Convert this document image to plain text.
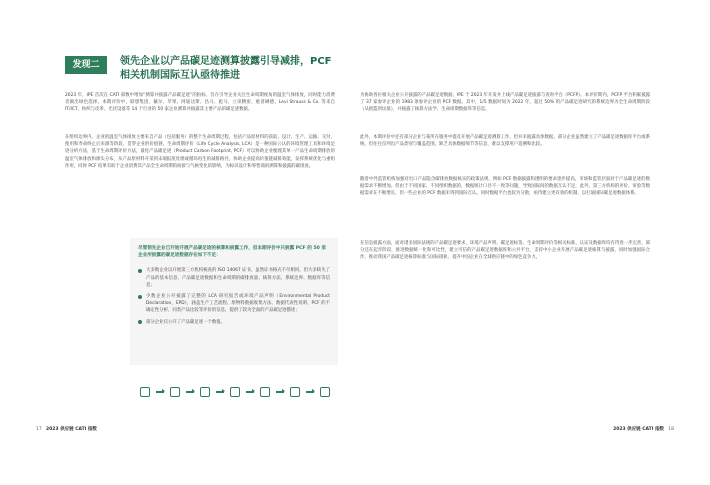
发现二	领先企业以产品碳足迹测算披露引导减排，PCF相关机制国际互认亟待推进
2023 年，IPE 首次在 CATI 部数中增加“测算并披露产品碳足迹”的指标，旨在引导企业关注生命周期视角的温室气体排放，同时能力消费者做出绿色选择。本期评价中，联想集团、戴尔、苹果、阿迪达斯、昌马、彪马、立讯精密、惠普硒德、Levi Strauss & Co. 等来自 IT/ICT、纺织与皮革、光伏设备等 14 个行业的 50 家企业测算并披露其主要产品的碳足迹数据。
在组织边界内，企业的温室气体排放主要来自产品（包括服务）的整个生命周期过程，包括产品原材料的获取、设计、生产、运输、交付、使用和寿命终止后来源等阶段，贯穿企业的价值链。生命周期评价（Life Cycle Analysis, LCA）是一种国际公认的环境管理工具和环境足迹分析方法，基于生命周期评价方法，量化产品碳足迹（Product Carbon Footprint, PCF）可以协助企业梳理其单一产品生命周期排放的温室气体排放和源头分布，从产品原材料开采到末端报废处理或循环再生的减排路径，协助企业提高价值链减排效能，发挥系统优化与重组作用，同时 PCF 结果有助于企业消费其产品全生命周期的间接与气候变化的影响，为标识设计和零售商的测算和披露的碳排放。
尽管领先企业已开始开展产品碳足迹的核算和披露工作，但本期评价中只披露 PCF 的 50 家企业所披露的碳足迹数据存在如下不足：
大多数企业以开展第三方机构核查的 ISO 14067 证书，虽然证书格式不尽相同，但大多缺失了产品的基本信息、产品碳足迹数据和生命周期的碳排放量、核算方法、系统边界、数据库等信息；
少数企业公开披露了完整的 LCA 研究报告或环境产品声明（Environmental Product Declaration，EPD），涵盖生产工艺流程、原物料数据收集方法、数据代表性说明、PCF 的不确定性分析、同类产品比较等评价的信息，提供了较为全面的产品碳足迹描述；
部分企业仅公开了产品碳足迹一个数值。
为协助各位相关企业公开披露的产品碳足迹数据，IPE 于 2023 年开发并上线产品碳足迹披露与查询平台（PCFP）。本评价期内，PCFP 平台积累披露了 37 家参评企业的 1983 条参评企业的 PCF 数据。其中，1/5 数据时间为 2022 年，超过 50% 的产品碳足迹研究的系统边界为全生命周期阶段（从摇篮到坟墓），并披露了核算方法学、生命周期数据库等信息。
此外，本期评价中还有部分企业与某所在服务中提及开展产品碳足迹测算工作，但并未披露具体数据。部分企业虽然建立了产品碳足迹数据库平台或系统，但往往仅列出产品类别与覆盖范围，缺乏具体数据细节等信息，难以支撑用户追溯和比较。
随着中外监管机构加强对出口产品隐含碳排放数据核实的政策法规，例如 PCF 数据披露和透明的要求逐步提高。市场和监管层面对于产品碳足迹的数据需求不断增加。但由于不同国家、不同组织数据的，数据统计口径不一致等问题，导致国际间的数据互认不足，此外，第三方机构的评价、审验等数据需求在不断增长，但一些企业的 PCF 数据未得到国际互认。同时数据平台也较为分散，亟待建立更有效的机制，以打通国际碳足迹数据体系。
在信息披露方面，面对诸多国际法规的产品碳足迹要求，环境产品声明、碳足迹标签、生命周期评价等相关标准、认证及数据库均有待进一步完善，部分还在起步阶段，推进数据统一化和可比性，建立可信的产品碳足迹数据库和公共平台，支持中小企业开展产品碳足迹核算与披露，同时加强国际合作，推动我国产品碳足迹核算标准与国际接轨，提升中国企业在全球供应链中的绿色竞争力。
17 2023 供应链 CATI 指数	2023 供应链 CATI 指数 18
